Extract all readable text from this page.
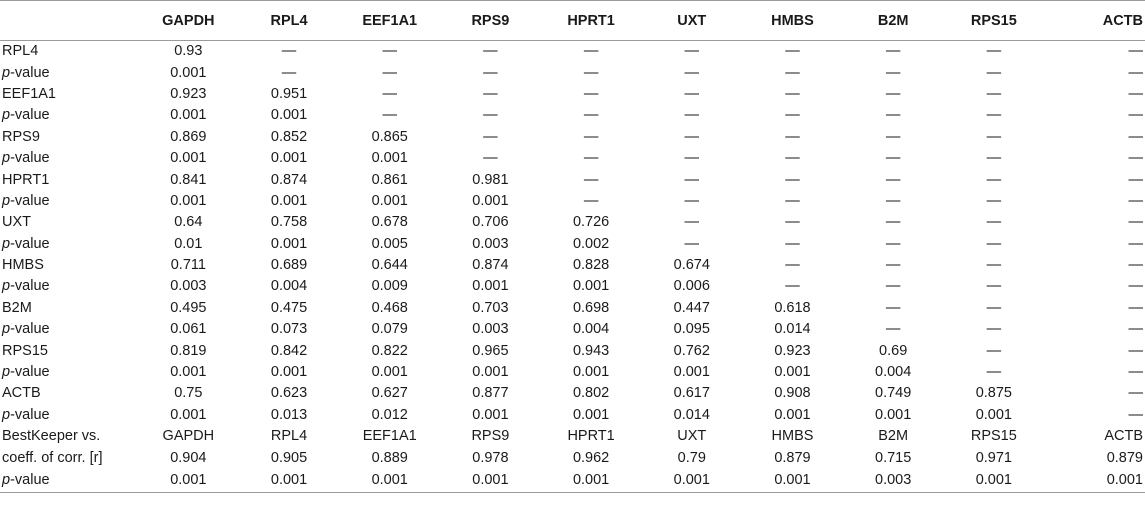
	GAPDH	RPL4	EEF1A1	RPS9	HPRT1	UXT	HMBS	B2M	RPS15	ACTB
RPL4	0.93	—	—	—	—	—	—	—	—	—
p-value	0.001	—	—	—	—	—	—	—	—	—
EEF1A1	0.923	0.951	—	—	—	—	—	—	—	—
p-value	0.001	0.001	—	—	—	—	—	—	—	—
RPS9	0.869	0.852	0.865	—	—	—	—	—	—	—
p-value	0.001	0.001	0.001	—	—	—	—	—	—	—
HPRT1	0.841	0.874	0.861	0.981	—	—	—	—	—	—
p-value	0.001	0.001	0.001	0.001	—	—	—	—	—	—
UXT	0.64	0.758	0.678	0.706	0.726	—	—	—	—	—
p-value	0.01	0.001	0.005	0.003	0.002	—	—	—	—	—
HMBS	0.711	0.689	0.644	0.874	0.828	0.674	—	—	—	—
p-value	0.003	0.004	0.009	0.001	0.001	0.006	—	—	—	—
B2M	0.495	0.475	0.468	0.703	0.698	0.447	0.618	—	—	—
p-value	0.061	0.073	0.079	0.003	0.004	0.095	0.014	—	—	—
RPS15	0.819	0.842	0.822	0.965	0.943	0.762	0.923	0.69	—	—
p-value	0.001	0.001	0.001	0.001	0.001	0.001	0.001	0.004	—	—
ACTB	0.75	0.623	0.627	0.877	0.802	0.617	0.908	0.749	0.875	—
p-value	0.001	0.013	0.012	0.001	0.001	0.014	0.001	0.001	0.001	—
BestKeeper vs.	GAPDH	RPL4	EEF1A1	RPS9	HPRT1	UXT	HMBS	B2M	RPS15	ACTB
coeff. of corr. [r]	0.904	0.905	0.889	0.978	0.962	0.79	0.879	0.715	0.971	0.879
p-value	0.001	0.001	0.001	0.001	0.001	0.001	0.001	0.003	0.001	0.001
